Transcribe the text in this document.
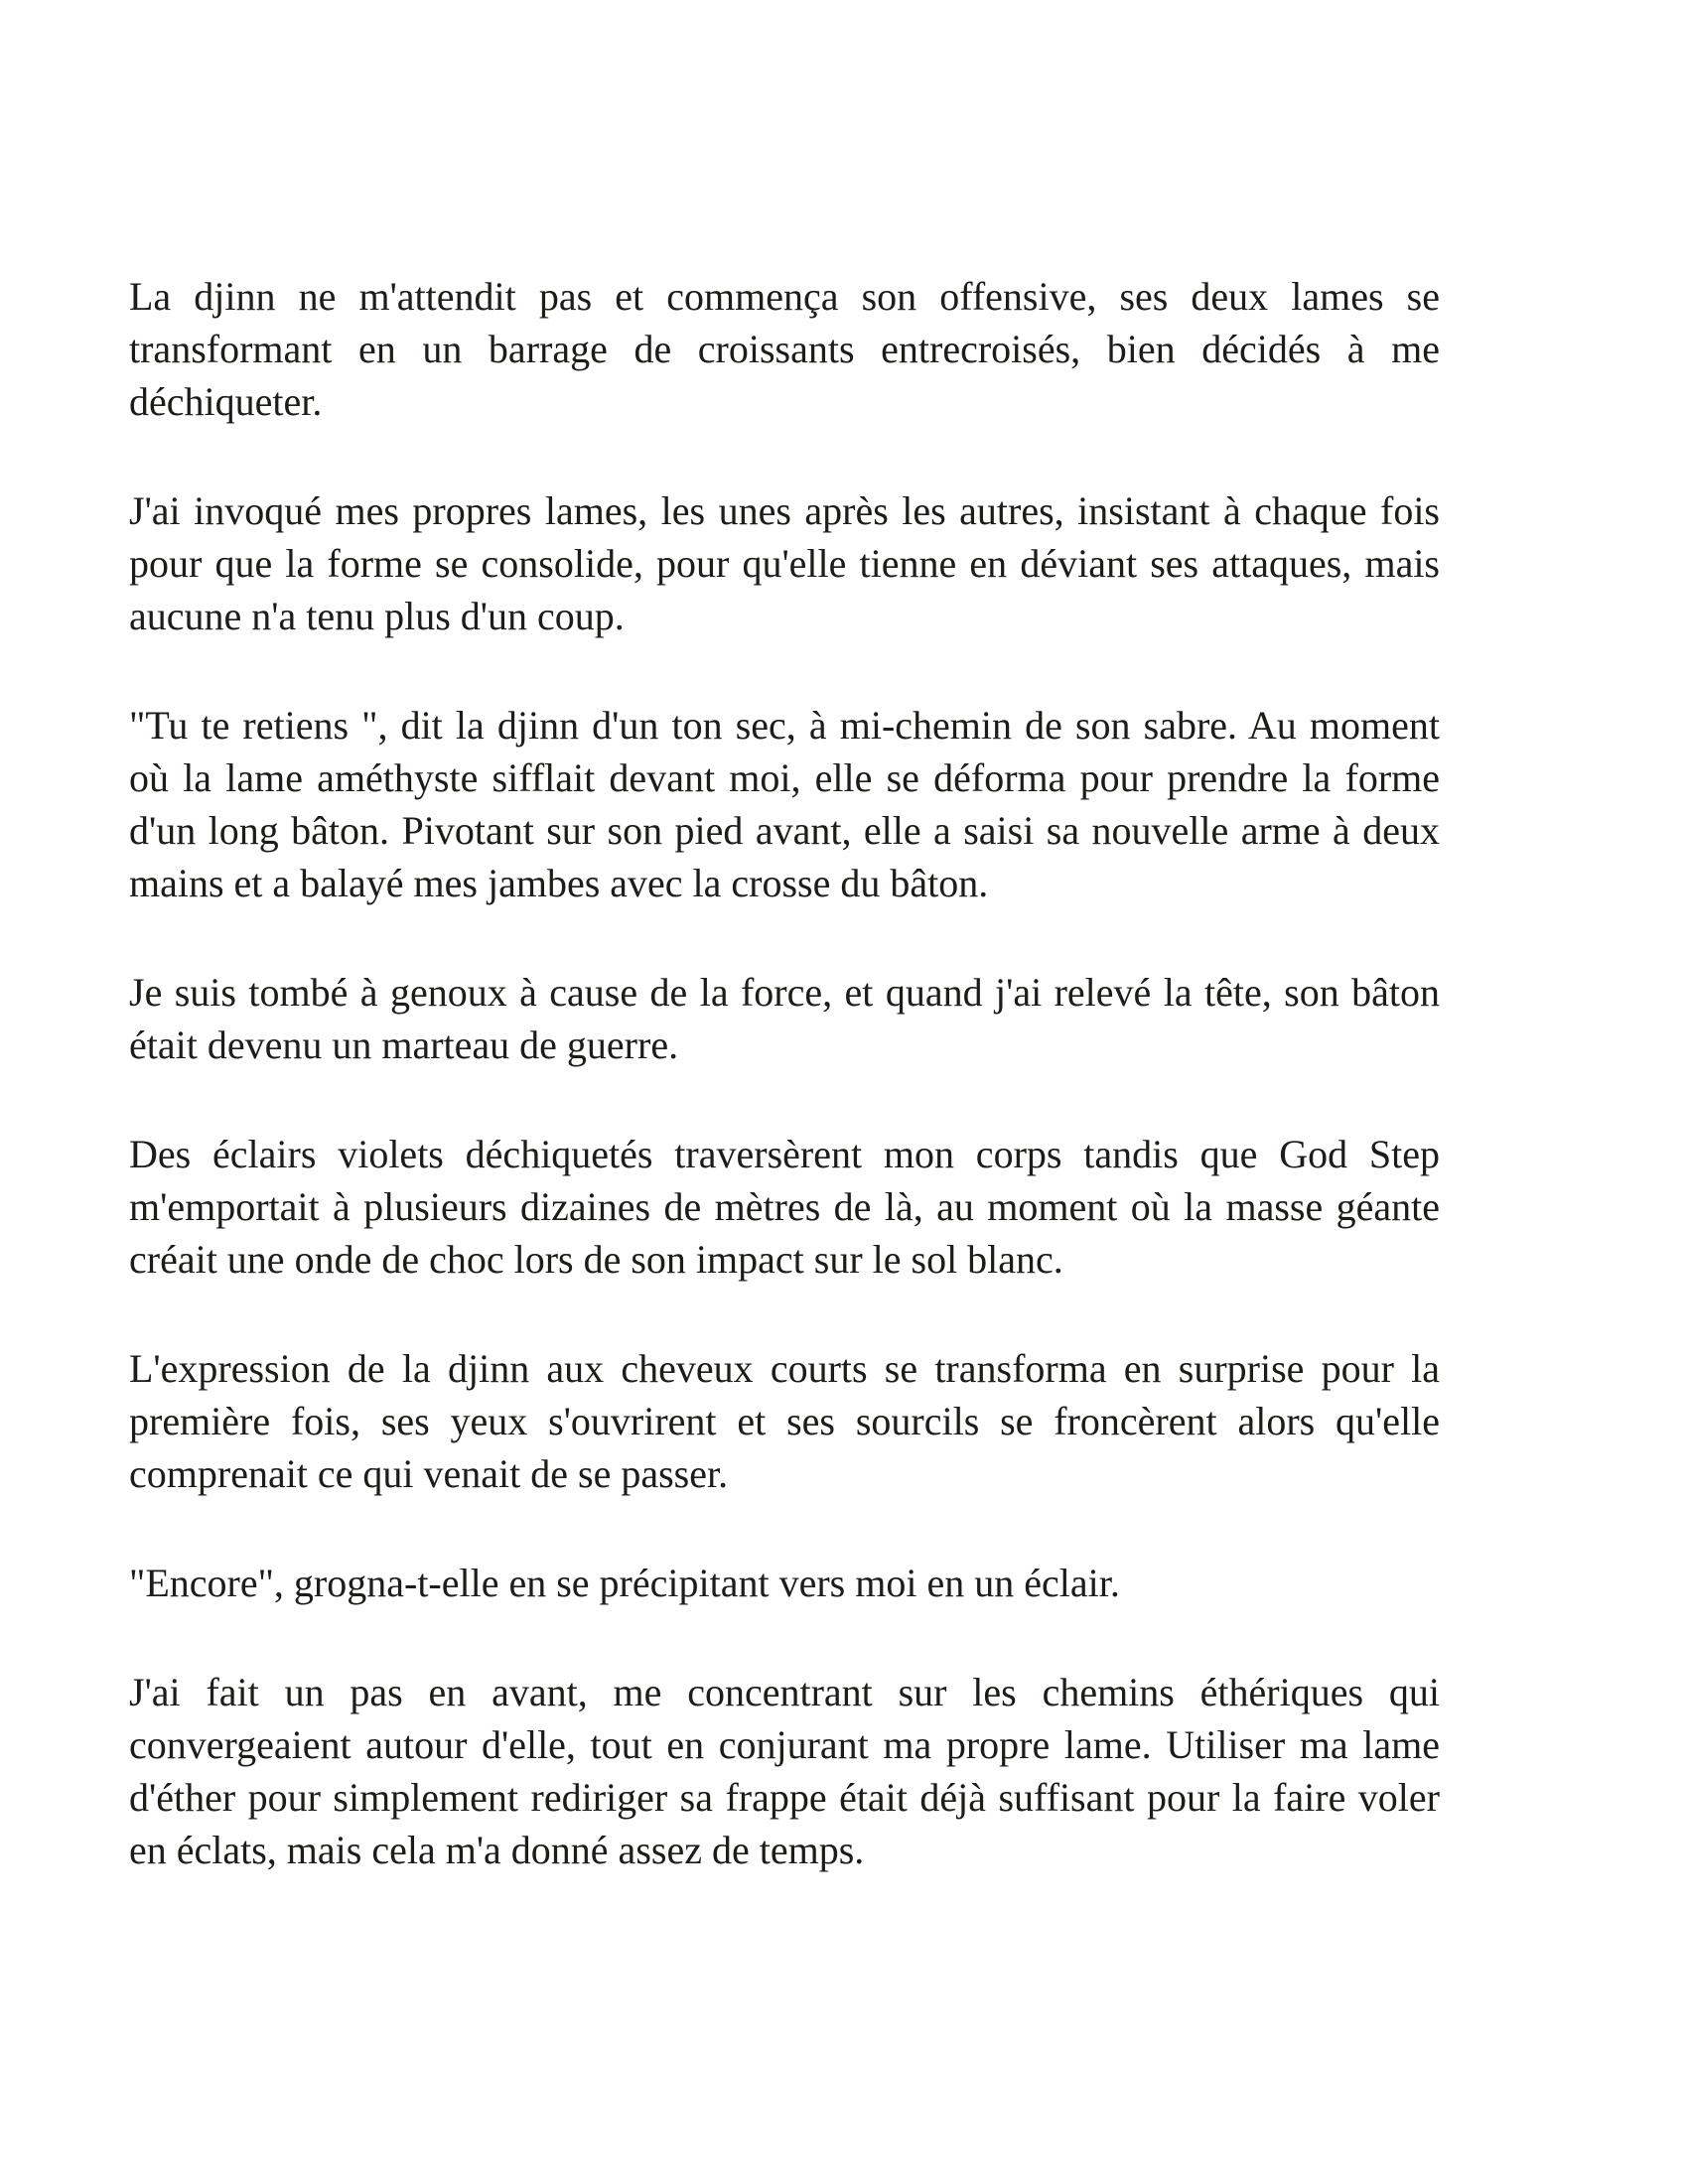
La djinn ne m'attendit pas et commença son offensive, ses deux lames se transformant en un barrage de croissants entrecroisés, bien décidés à me déchiqueter.

J'ai invoqué mes propres lames, les unes après les autres, insistant à chaque fois pour que la forme se consolide, pour qu'elle tienne en déviant ses attaques, mais aucune n'a tenu plus d'un coup.

"Tu te retiens ", dit la djinn d'un ton sec, à mi-chemin de son sabre. Au moment où la lame améthyste sifflait devant moi, elle se déforma pour prendre la forme d'un long bâton. Pivotant sur son pied avant, elle a saisi sa nouvelle arme à deux mains et a balayé mes jambes avec la crosse du bâton.

Je suis tombé à genoux à cause de la force, et quand j'ai relevé la tête, son bâton était devenu un marteau de guerre.

Des éclairs violets déchiquetés traversèrent mon corps tandis que God Step m'emportait à plusieurs dizaines de mètres de là, au moment où la masse géante créait une onde de choc lors de son impact sur le sol blanc.

L'expression de la djinn aux cheveux courts se transforma en surprise pour la première fois, ses yeux s'ouvrirent et ses sourcils se froncèrent alors qu'elle comprenait ce qui venait de se passer.

"Encore", grogna-t-elle en se précipitant vers moi en un éclair.

J'ai fait un pas en avant, me concentrant sur les chemins éthériques qui convergeaient autour d'elle, tout en conjurant ma propre lame. Utiliser ma lame d'éther pour simplement rediriger sa frappe était déjà suffisant pour la faire voler en éclats, mais cela m'a donné assez de temps.
